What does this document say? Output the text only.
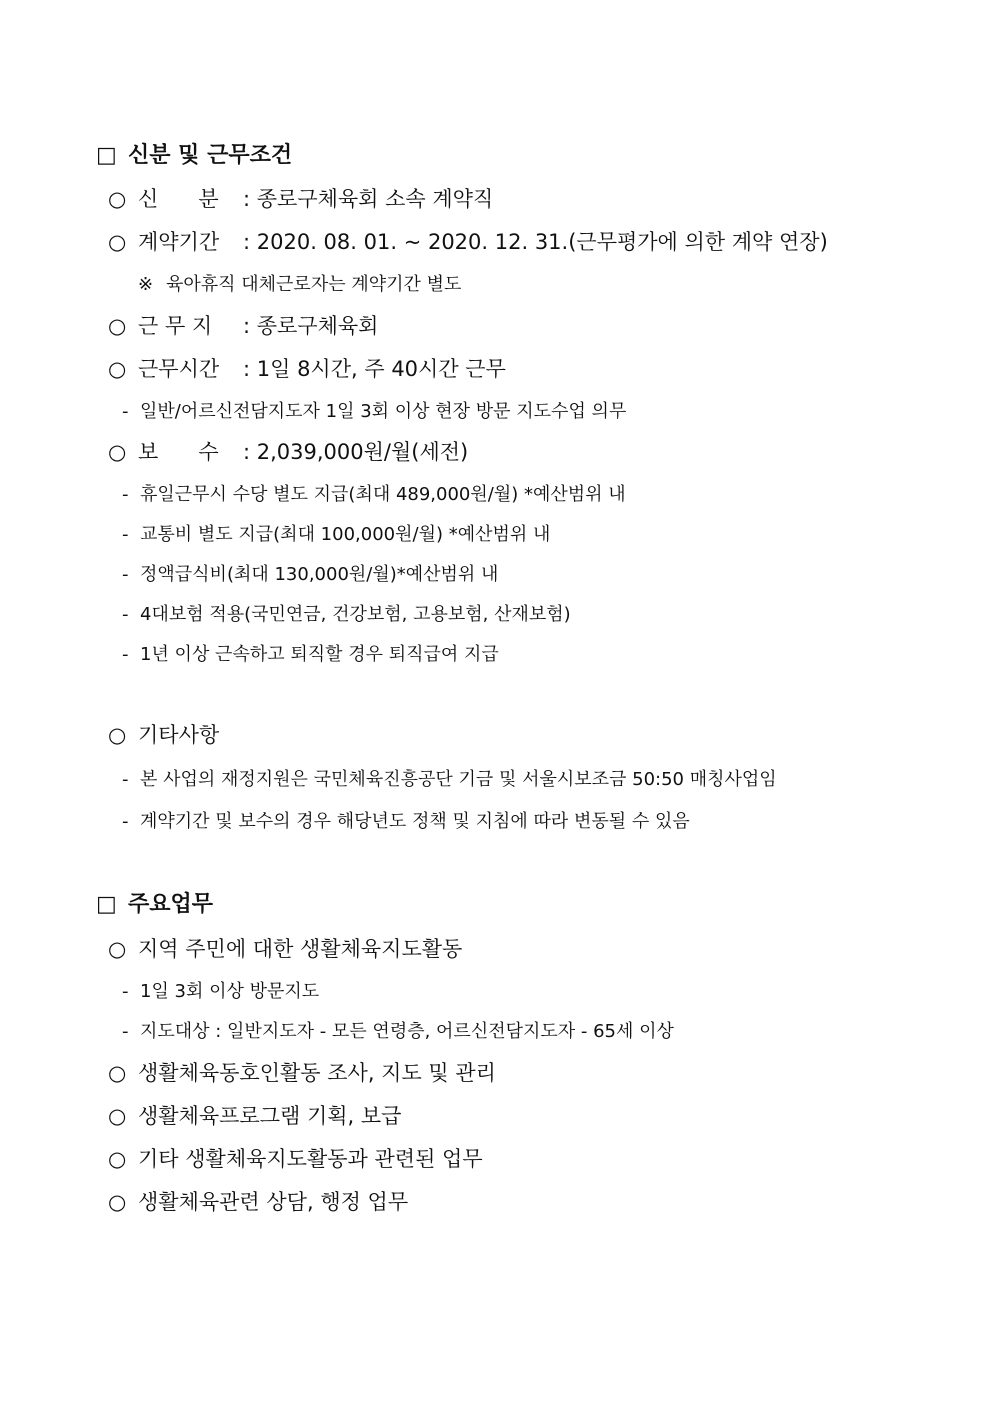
□ 신분 및 근무조건
○ 신      분 : 종로구체육회 소속 계약직
○ 계약기간 : 2020. 08. 01. ~ 2020. 12. 31.(근무평가에 의한 계약 연장)
※ 육아휴직 대체근로자는 계약기간 별도
○ 근 무 지 : 종로구체육회
○ 근무시간 : 1일 8시간, 주 40시간 근무
- 일반/어르신전담지도자 1일 3회 이상 현장 방문 지도수업 의무
○ 보      수 : 2,039,000원/월(세전)
- 휴일근무시 수당 별도 지급(최대 489,000원/월) *예산범위 내
- 교통비 별도 지급(최대 100,000원/월) *예산범위 내
- 정액급식비(최대 130,000원/월)*예산범위 내
- 4대보험 적용(국민연금, 건강보험, 고용보험, 산재보험)
- 1년 이상 근속하고 퇴직할 경우 퇴직급여 지급
○ 기타사항
- 본 사업의 재정지원은 국민체육진흥공단 기금 및 서울시보조금 50:50 매칭사업임
- 계약기간 및 보수의 경우 해당년도 정책 및 지침에 따라 변동될 수 있음
□ 주요업무
○ 지역 주민에 대한 생활체육지도활동
- 1일 3회 이상 방문지도
- 지도대상 : 일반지도자 - 모든 연령층, 어르신전담지도자 - 65세 이상
○ 생활체육동호인활동 조사, 지도 및 관리
○ 생활체육프로그램 기획, 보급
○ 기타 생활체육지도활동과 관련된 업무
○ 생활체육관련 상담, 행정 업무
